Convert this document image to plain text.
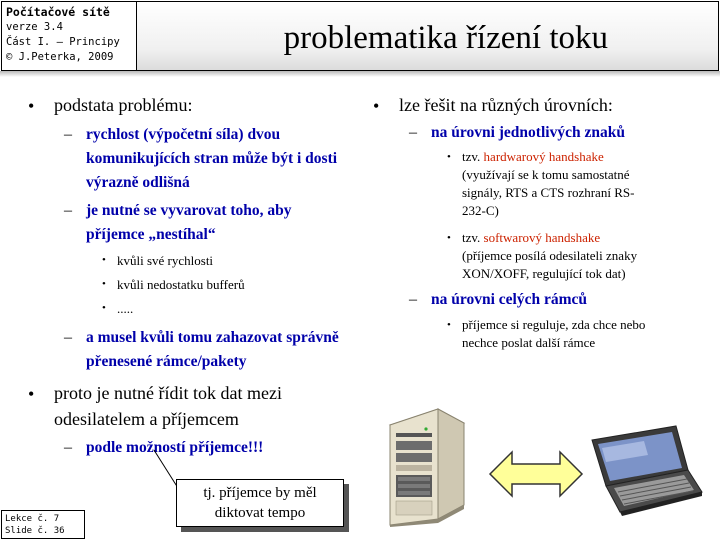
Počítačové sítě
verze 3.4
Část I. – Principy
© J.Peterka, 2009
problematika řízení toku
• podstata problému:
– rychlost (výpočetní síla) dvou
komunikujících stran může být i dosti
výrazně odlišná
– je nutné se vyvarovat toho, aby
příjemce „nestíhal“
• kvůli své rychlosti
• kvůli nedostatku bufferů
• .....
– a musel kvůli tomu zahazovat správně
přenesené rámce/pakety
• proto je nutné řídit tok dat mezi
odesilatelem a příjemcem
– podle možností příjemce!!!
• lze řešit na různých úrovních:
– na úrovni jednotlivých znaků
• tzv. hardwarový handshake
(využívají se k tomu samostatné
signály, RTS a CTS rozhraní RS-
232-C)
• tzv. softwarový handshake
(příjemce posílá odesilateli znaky
XON/XOFF, regulující tok dat)
– na úrovni celých rámců
• příjemce si reguluje, zda chce nebo
nechce poslat další rámce
tj. příjemce by měl
diktovat tempo
Lekce č. 7
Slide č. 36
